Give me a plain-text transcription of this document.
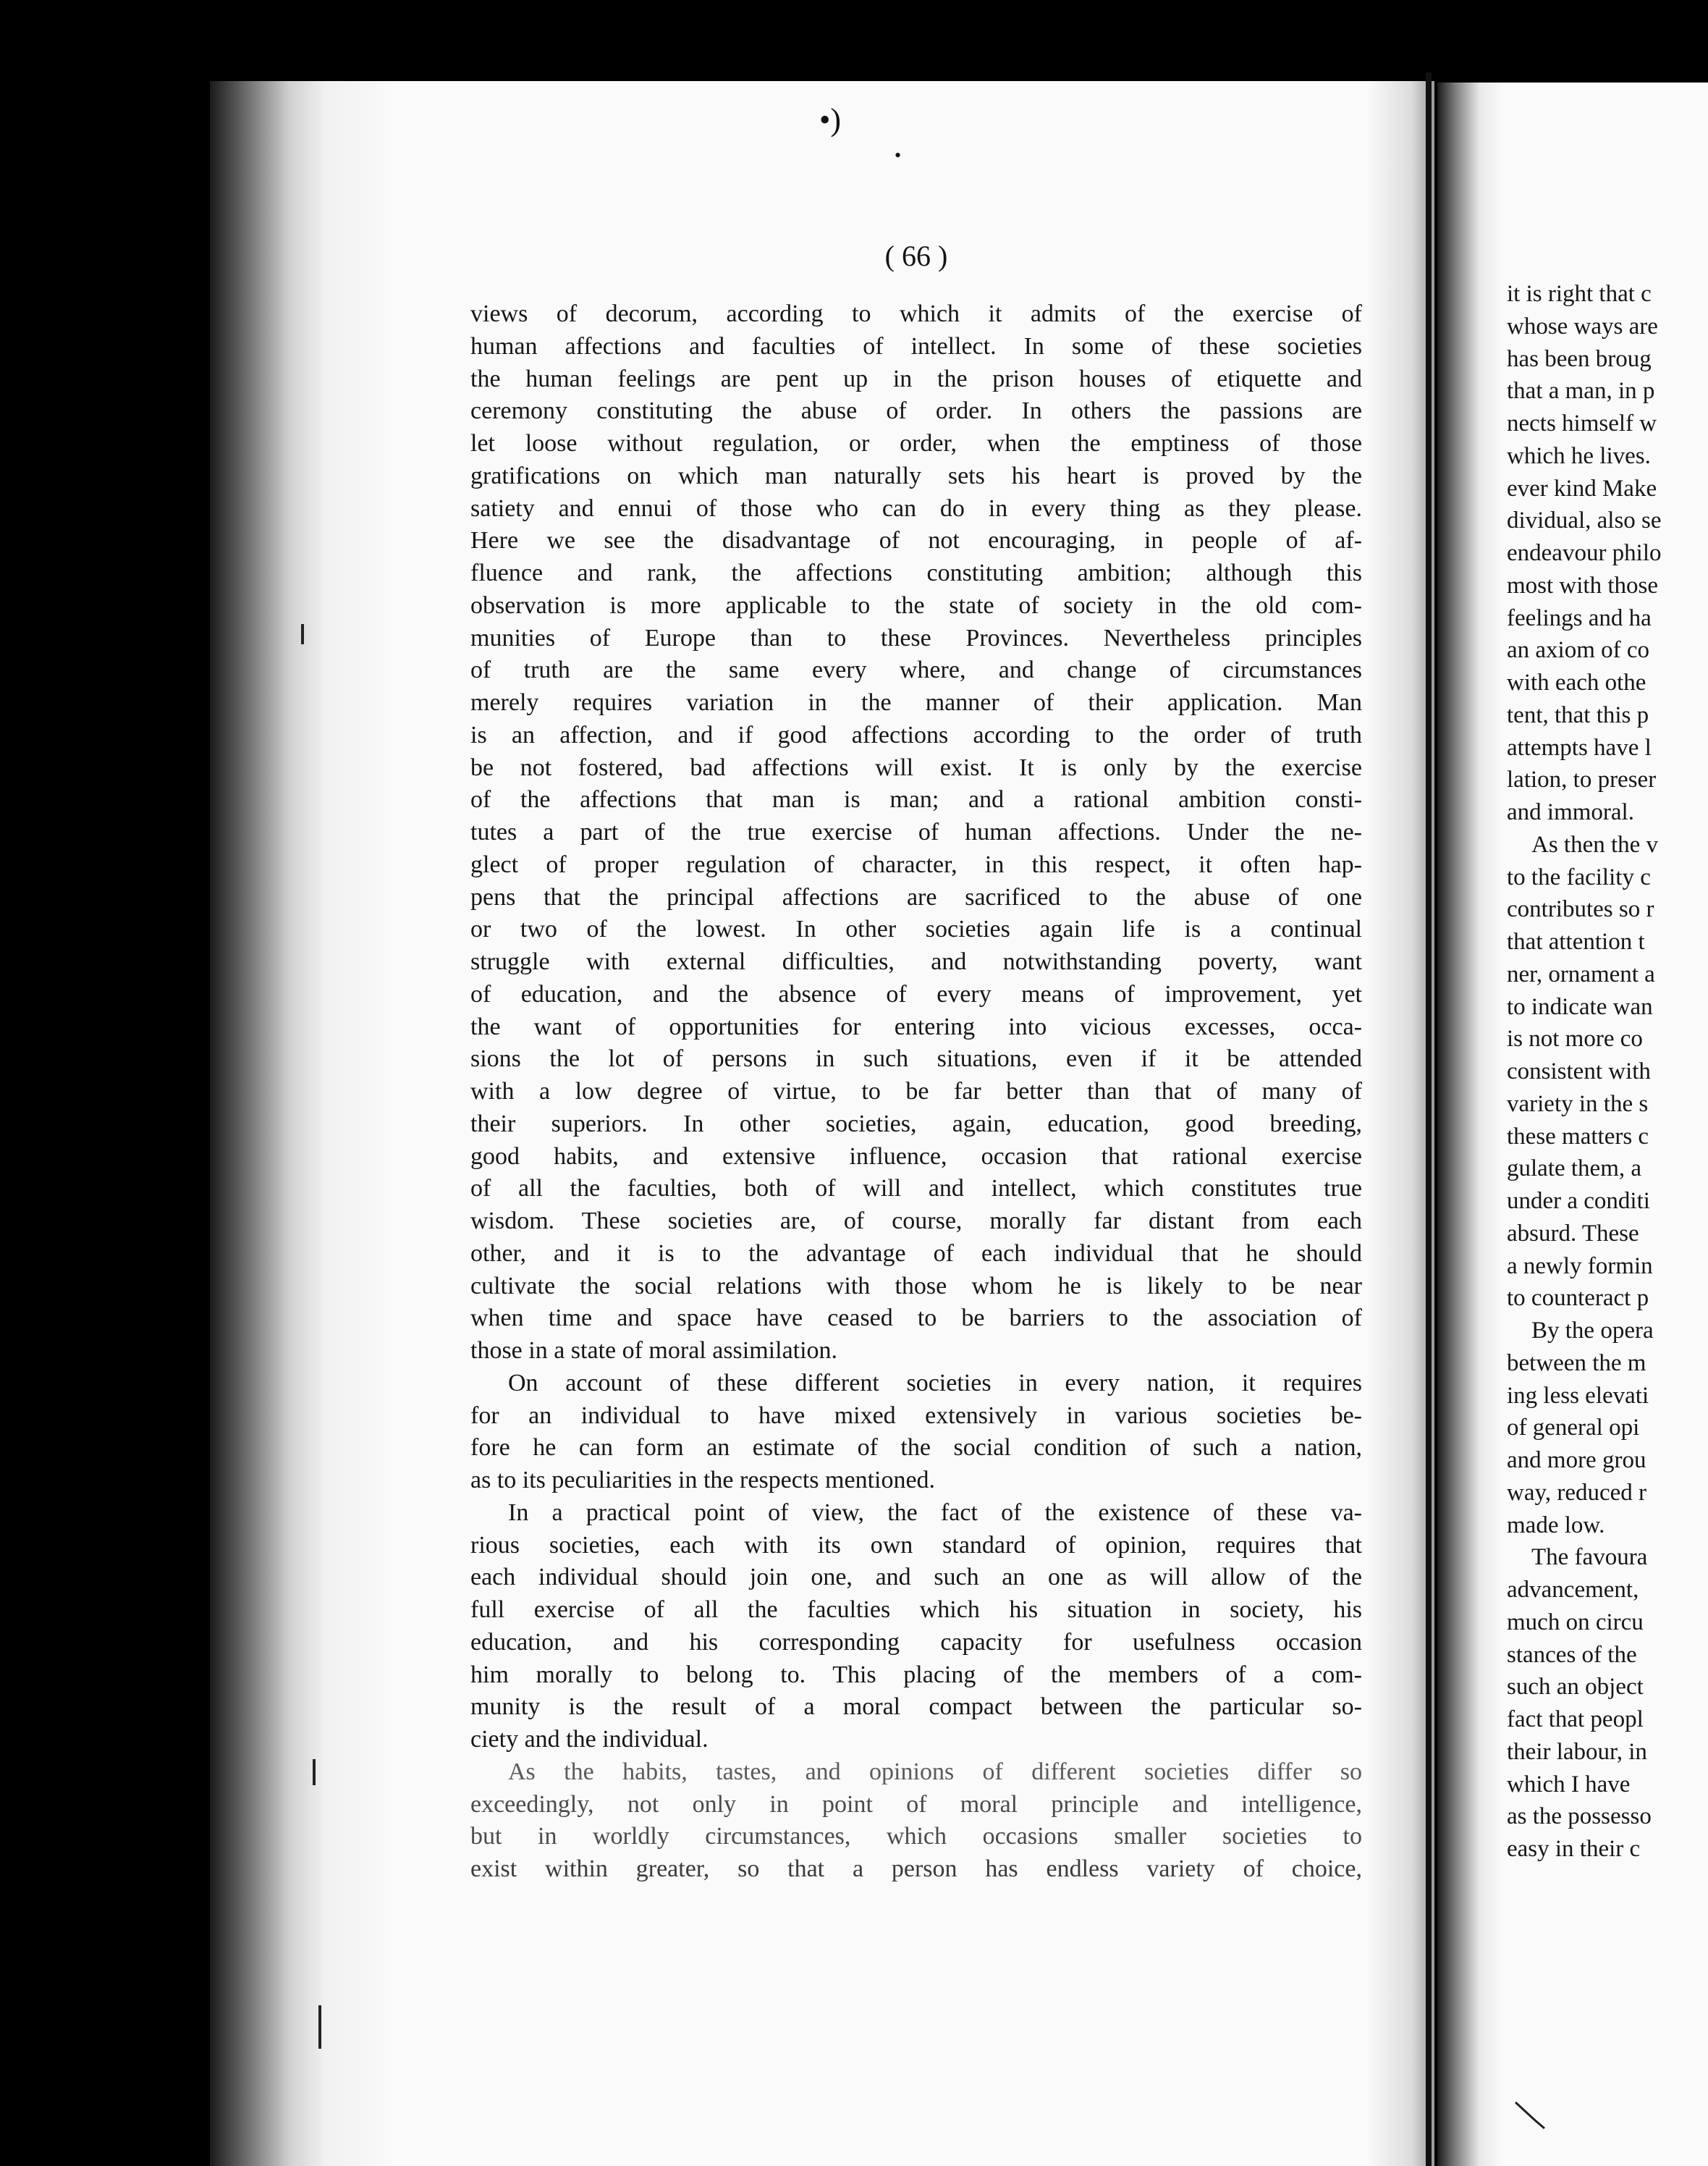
•)
•
( 66 )
views of decorum, according to which it admits of the exercise of
human affections and faculties of intellect. In some of these societies
the human feelings are pent up in the prison houses of etiquette and
ceremony constituting the abuse of order. In others the passions are
let loose without regulation, or order, when the emptiness of those
gratifications on which man naturally sets his heart is proved by the
satiety and ennui of those who can do in every thing as they please.
Here we see the disadvantage of not encouraging, in people of af-
fluence and rank, the affections constituting ambition; although this
observation is more applicable to the state of society in the old com-
munities of Europe than to these Provinces. Nevertheless principles
of truth are the same every where, and change of circumstances
merely requires variation in the manner of their application. Man
is an affection, and if good affections according to the order of truth
be not fostered, bad affections will exist. It is only by the exercise
of the affections that man is man; and a rational ambition consti-
tutes a part of the true exercise of human affections. Under the ne-
glect of proper regulation of character, in this respect, it often hap-
pens that the principal affections are sacrificed to the abuse of one
or two of the lowest. In other societies again life is a continual
struggle with external difficulties, and notwithstanding poverty, want
of education, and the absence of every means of improvement, yet
the want of opportunities for entering into vicious excesses, occa-
sions the lot of persons in such situations, even if it be attended
with a low degree of virtue, to be far better than that of many of
their superiors. In other societies, again, education, good breeding,
good habits, and extensive influence, occasion that rational exercise
of all the faculties, both of will and intellect, which constitutes true
wisdom. These societies are, of course, morally far distant from each
other, and it is to the advantage of each individual that he should
cultivate the social relations with those whom he is likely to be near
when time and space have ceased to be barriers to the association of
those in a state of moral assimilation.
On account of these different societies in every nation, it requires
for an individual to have mixed extensively in various societies be-
fore he can form an estimate of the social condition of such a nation,
as to its peculiarities in the respects mentioned.
In a practical point of view, the fact of the existence of these va-
rious societies, each with its own standard of opinion, requires that
each individual should join one, and such an one as will allow of the
full exercise of all the faculties which his situation in society, his
education, and his corresponding capacity for usefulness occasion
him morally to belong to. This placing of the members of a com-
munity is the result of a moral compact between the particular so-
ciety and the individual.
As the habits, tastes, and opinions of different societies differ so
exceedingly, not only in point of moral principle and intelligence,
but in worldly circumstances, which occasions smaller societies to
exist within greater, so that a person has endless variety of choice,
it is right that c
whose ways are
has been broug
that a man, in p
nects himself w
which he lives.
ever kind Make
dividual, also se
endeavour philo
most with those
feelings and ha
an axiom of co
with each othe
tent, that this p
attempts have l
lation, to preser
and immoral.
As then the v
to the facility c
contributes so r
that attention t
ner, ornament a
to indicate wan
is not more co
consistent with
variety in the s
these matters c
gulate them, a
under a conditi
absurd. These
a newly formin
to counteract p
By the opera
between the m
ing less elevati
of general opi
and more grou
way, reduced r
made low.
The favoura
advancement,
much on circu
stances of the
such an object
fact that peopl
their labour, in
which I have
as the possesso
easy in their c
